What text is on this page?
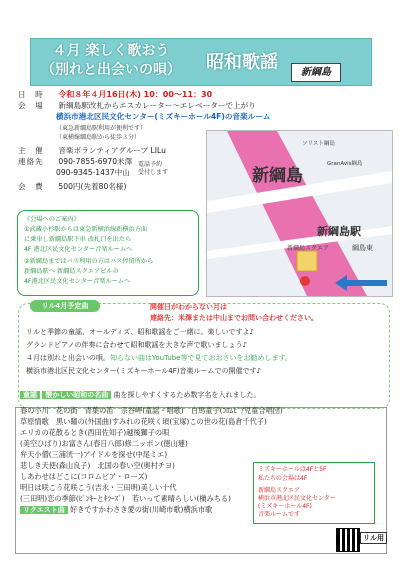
４月 楽しく歌おう
（別れと出会いの唄）	昭和歌謡	新綱島
日　時 令和８年４月16日(木) 10：00～11：30
会　場 新綱島駅改札からエスカレーター〜エレベーターで上がり
横浜市港北区民文化センター(ミズキーホール4F)の音楽ルーム
（東急新綱島駅利用が便利です）
（東横線綱島駅から徒歩３分）
主　催 音楽ボランティアグループ LILu
連絡先 090-7855-6970米澤
090-9345-1437中山
電話予約
受付します
会　費 500円(先着80名様)
新綱島
新綱島駅
新綱島スクエア	綱島東
ソリスト綱島
GranAvis綱島
《会場へのご案内》
①武蔵小杉駅からは東急新横浜線新横浜方面
に乗車し新綱島駅下車 改札口を出たら
4F 港北区民文化センター音楽ルームへ
②新綱島まではバス利用の方はバス停留所から
新綱島駅へ 新綱島スクエアビルの
4F港北区民文化センター音楽ルームへ
リル4月予定曲	開催日がわからない月は
連絡先：米澤または中山までお問い合わせください。
リルと季節の童謡、オールディズ、昭和歌謡をご一緒に。楽しいですよ♪
グランドピアノの伴奏に合わせて昭和歌謡を大きな声で歌いましょう♪
４月は別れと出会いの唄。知らない曲はYouTube等で見ておおさいをお勧めします。
横浜市港北区民文化センター(ミズキーホール4F)音楽ルームでの開催です♪
童謡 懐かしい昭和の名曲 曲を探しやすくするため数字名を入れました。
春の小川　花の街　青葉の笛　宗谷岬(童謡・唱歌)　白馬童子(ｺﾛﾑﾋﾞｱ児童合唱団)
草原情歌　黒い瞳の(外国曲)すみれの花咲く頃(宝塚)この世の花(島倉千代子)
エリカの花散るとき(西田佐知子)越後獅子の唄
(美空ひばり)お富さん(春日八郎)修二ッポン(徳山璉)
弁天小僧(三浦洸一)アイドルを探せ(中尾ミエ)
悲しき天使(森山良子)　北国の春い空(奥村チヨ)
しあわせはどこに(コロムビア・ローズ)
明日は咲こう花咲こう(吉永・三田明)美しい十代
(三田明)恋の季節(ﾋﾟﾝｷｰとｷﾗｰｽﾞ)　若いって素晴らしい(槇みちる)
リクエスト曲 好きですかわさき愛の街(川崎市歌)横浜市歌
ミズキーホールは4Fと5F
私たちの会場は4F
新綱島スクエア
横浜市港北区民文化センター
(ミズキーホール4F)
音楽ルームです
リル用
